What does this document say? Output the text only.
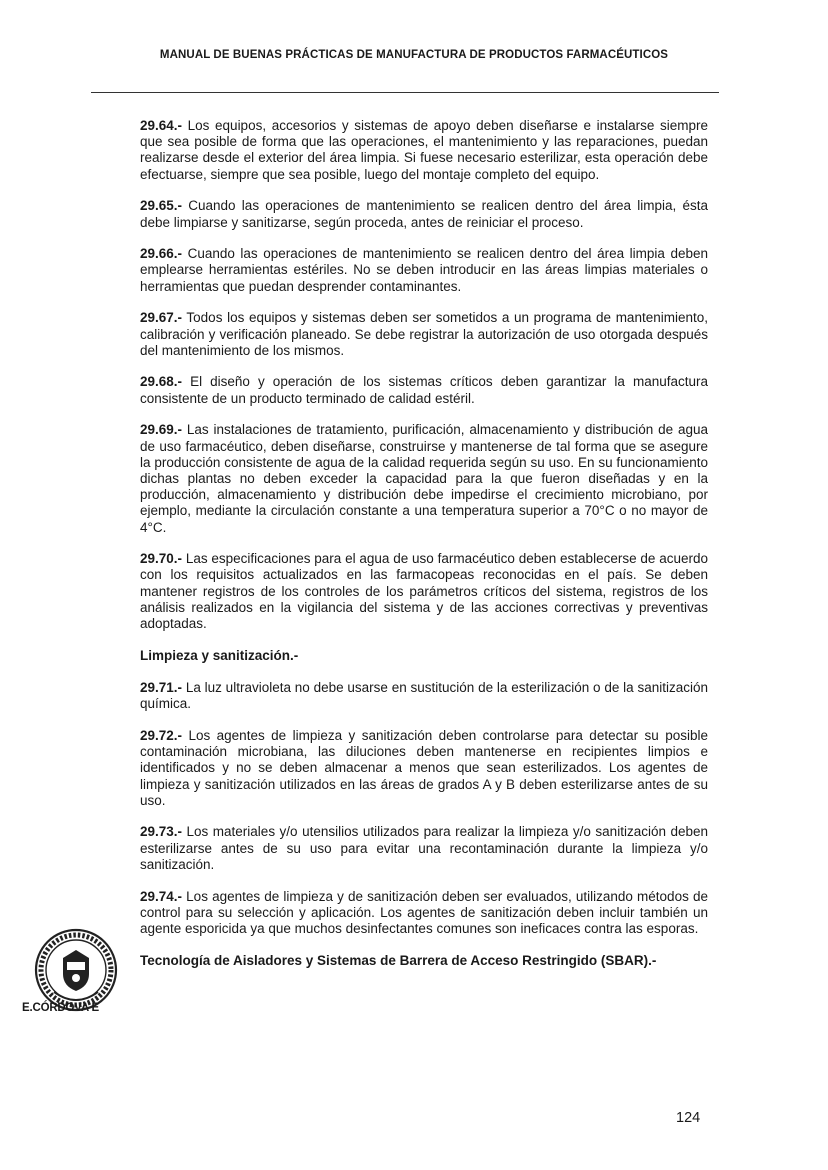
MANUAL DE BUENAS PRÁCTICAS DE MANUFACTURA DE PRODUCTOS FARMACÉUTICOS

29.64.- Los equipos, accesorios y sistemas de apoyo deben diseñarse e instalarse siempre que sea posible de forma que las operaciones, el mantenimiento y las reparaciones, puedan realizarse desde el exterior del área limpia. Si fuese necesario esterilizar, esta operación debe efectuarse, siempre que sea posible, luego del montaje completo del equipo.

29.65.- Cuando las operaciones de mantenimiento se realicen dentro del área limpia, ésta debe limpiarse y sanitizarse, según proceda, antes de reiniciar el proceso.

29.66.- Cuando las operaciones de mantenimiento se realicen dentro del área limpia deben emplearse herramientas estériles. No se deben introducir en las áreas limpias materiales o herramientas que puedan desprender contaminantes.

29.67.- Todos los equipos y sistemas deben ser sometidos a un programa de mantenimiento, calibración y verificación planeado. Se debe registrar la autorización de uso otorgada después del mantenimiento de los mismos.

29.68.- El diseño y operación de los sistemas críticos deben garantizar la manufactura consistente de un producto terminado de calidad estéril.

29.69.- Las instalaciones de tratamiento, purificación, almacenamiento y distribución de agua de uso farmacéutico, deben diseñarse, construirse y mantenerse de tal forma que se asegure la producción consistente de agua de la calidad requerida según su uso. En su funcionamiento dichas plantas no deben exceder la capacidad para la que fueron diseñadas y en la producción, almacenamiento y distribución debe impedirse el crecimiento microbiano, por ejemplo, mediante la circulación constante a una temperatura superior a 70°C o no mayor de 4°C.

29.70.- Las especificaciones para el agua de uso farmacéutico deben establecerse de acuerdo con los requisitos actualizados en las farmacopeas reconocidas en el país. Se deben mantener registros de los controles de los parámetros críticos del sistema, registros de los análisis realizados en la vigilancia del sistema y de las acciones correctivas y preventivas adoptadas.

Limpieza y sanitización.-

29.71.- La luz ultravioleta no debe usarse en sustitución de la esterilización o de la sanitización química.

29.72.- Los agentes de limpieza y sanitización deben controlarse para detectar su posible contaminación microbiana, las diluciones deben mantenerse en recipientes limpios e identificados y no se deben almacenar a menos que sean esterilizados. Los agentes de limpieza y sanitización utilizados en las áreas de grados A y B deben esterilizarse antes de su uso.

29.73.- Los materiales y/o utensilios utilizados para realizar la limpieza y/o sanitización deben esterilizarse antes de su uso para evitar una recontaminación durante la limpieza y/o sanitización.

29.74.- Los agentes de limpieza y de sanitización deben ser evaluados, utilizando métodos de control para su selección y aplicación. Los agentes de sanitización deben incluir también un agente esporicida ya que muchos desinfectantes comunes son ineficaces contra las esporas.

Tecnología de Aisladores y Sistemas de Barrera de Acceso Restringido (SBAR).-

E.CÓRDOVA E
124
